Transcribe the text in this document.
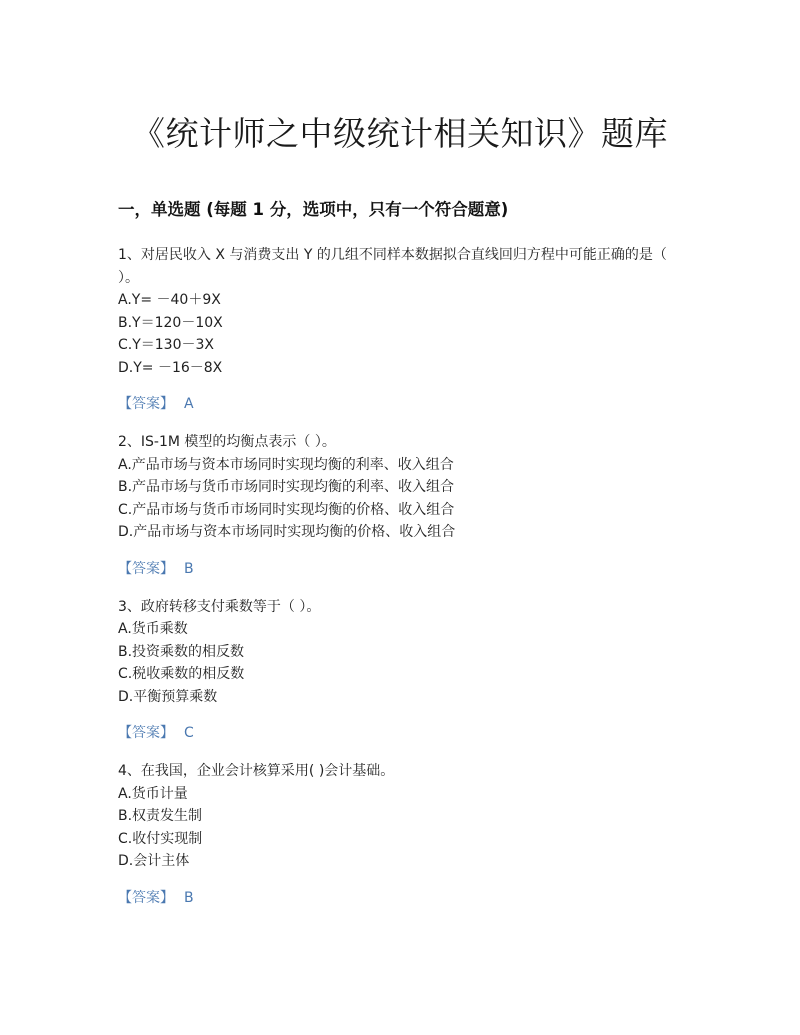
《统计师之中级统计相关知识》题库
一，单选题 (每题 1 分，选项中，只有一个符合题意)

1、对居民收入 X 与消费支出 Y 的几组不同样本数据拟合直线回归方程中可能正确的是（ ）。

A.Y= －40＋9X

B.Y＝120－10X

C.Y＝130－3X

D.Y= －16－8X

【答案】 A

2、IS-1M 模型的均衡点表示（ ）。

A.产品市场与资本市场同时实现均衡的利率、收入组合

B.产品市场与货币市场同时实现均衡的利率、收入组合

C.产品市场与货币市场同时实现均衡的价格、收入组合

D.产品市场与资本市场同时实现均衡的价格、收入组合

【答案】 B

3、政府转移支付乘数等于（ ）。

A.货币乘数

B.投资乘数的相反数

C.税收乘数的相反数

D.平衡预算乘数

【答案】 C

4、在我国，企业会计核算采用( )会计基础。

A.货币计量

B.权责发生制

C.收付实现制

D.会计主体

【答案】 B
